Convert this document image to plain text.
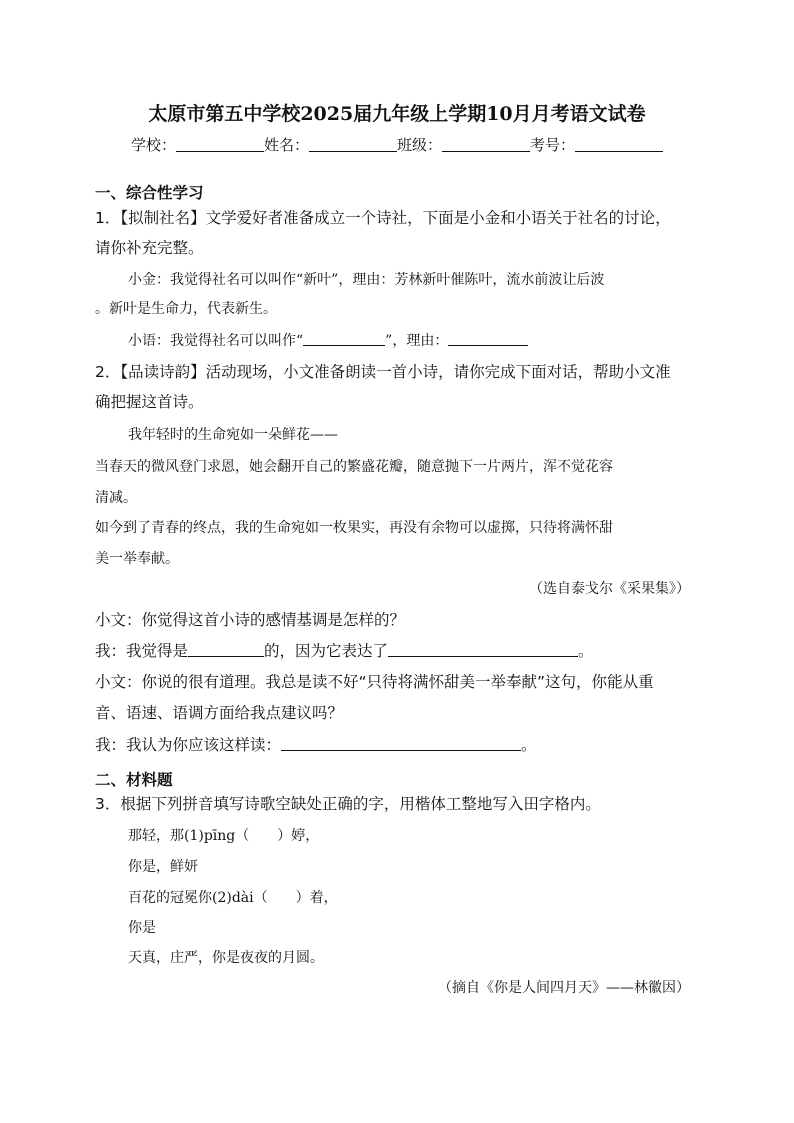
太原市第五中学校2025届九年级上学期10月月考语文试卷
学校：	姓名：	班级：	考号：
一、综合性学习
1．【拟制社名】文学爱好者准备成立一个诗社，下面是小金和小语关于社名的讨论，
请你补充完整。
小金：我觉得社名可以叫作“新叶”，理由：芳林新叶催陈叶，流水前波让后波
。新叶是生命力，代表新生。
小语：我觉得社名可以叫作“	”，理由：
2．【品读诗韵】活动现场，小文准备朗读一首小诗，请你完成下面对话，帮助小文准
确把握这首诗。
我年轻时的生命宛如一朵鲜花——
当春天的微风登门求恩，她会翻开自己的繁盛花瓣，随意抛下一片两片，浑不觉花容
清减。
如今到了青春的终点，我的生命宛如一枚果实，再没有余物可以虚掷，只待将满怀甜
美一举奉献。
（选自泰戈尔《采果集》）
小文：你觉得这首小诗的感情基调是怎样的？
我：我觉得是	的，因为它表达了	。
小文：你说的很有道理。我总是读不好“只待将满怀甜美一举奉献”这句，你能从重
音、语速、语调方面给我点建议吗？
我：我认为你应该这样读：	。
二、材料题
3．根据下列拼音填写诗歌空缺处正确的字，用楷体工整地写入田字格内。
那轻，那(1)pīng（　　）婷，
你是，鲜妍
百花的冠冕你(2)dài（　　）着，
你是
天真，庄严，你是夜夜的月圆。
（摘自《你是人间四月天》——林徽因）
